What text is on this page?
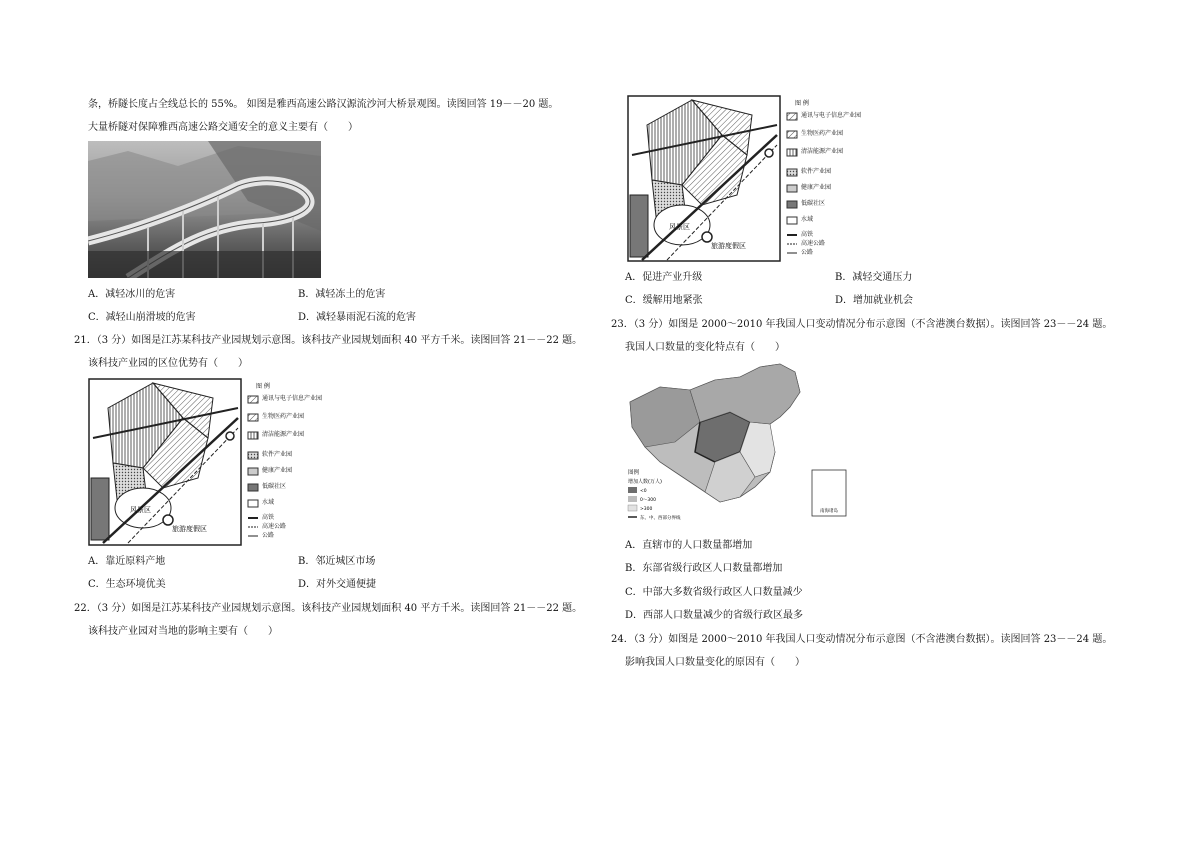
条，桥隧长度占全线总长的 55%。 如图是雅西高速公路汉源流沙河大桥景观图。读图回答 19－－20 题。
大量桥隧对保障雅西高速公路交通安全的意义主要有（　　）
A．减轻冰川的危害	B．减轻冻土的危害
C．减轻山崩滑坡的危害	D．减轻暴雨泥石流的危害
21．（3 分）如图是江苏某科技产业园规划示意图。该科技产业园规划面积 40 平方千米。读图回答 21－－22 题。
该科技产业园的区位优势有（　　）
风景区
旅游度假区
图 例
通讯与电子信息产业园
生物医药产业园
清洁能源产业园
软件产业园
健康产业园
低碳社区
水域
高铁
高速公路
公路
A．靠近原料产地	B．邻近城区市场
C．生态环境优美	D．对外交通便捷
22．（3 分）如图是江苏某科技产业园规划示意图。该科技产业园规划面积 40 平方千米。读图回答 21－－22 题。
该科技产业园对当地的影响主要有（　　）
风景区
旅游度假区
图 例
通讯与电子信息产业园
生物医药产业园
清洁能源产业园
软件产业园
健康产业园
低碳社区
水域
高铁
高速公路
公路
A．促进产业升级	B．减轻交通压力
C．缓解用地紧张	D．增加就业机会
23．（3 分）如图是 2000～2010 年我国人口变动情况分布示意图（不含港澳台数据）。读图回答 23－－24 题。
我国人口数量的变化特点有（　　）
南海诸岛
图例
增加人数(万人)
<0
0～300
>300
东、中、西部分界线
A．直辖市的人口数量都增加
B．东部省级行政区人口数量都增加
C．中部大多数省级行政区人口数量减少
D．西部人口数量减少的省级行政区最多
24．（3 分）如图是 2000～2010 年我国人口变动情况分布示意图（不含港澳台数据）。读图回答 23－－24 题。
影响我国人口数量变化的原因有（　　）
